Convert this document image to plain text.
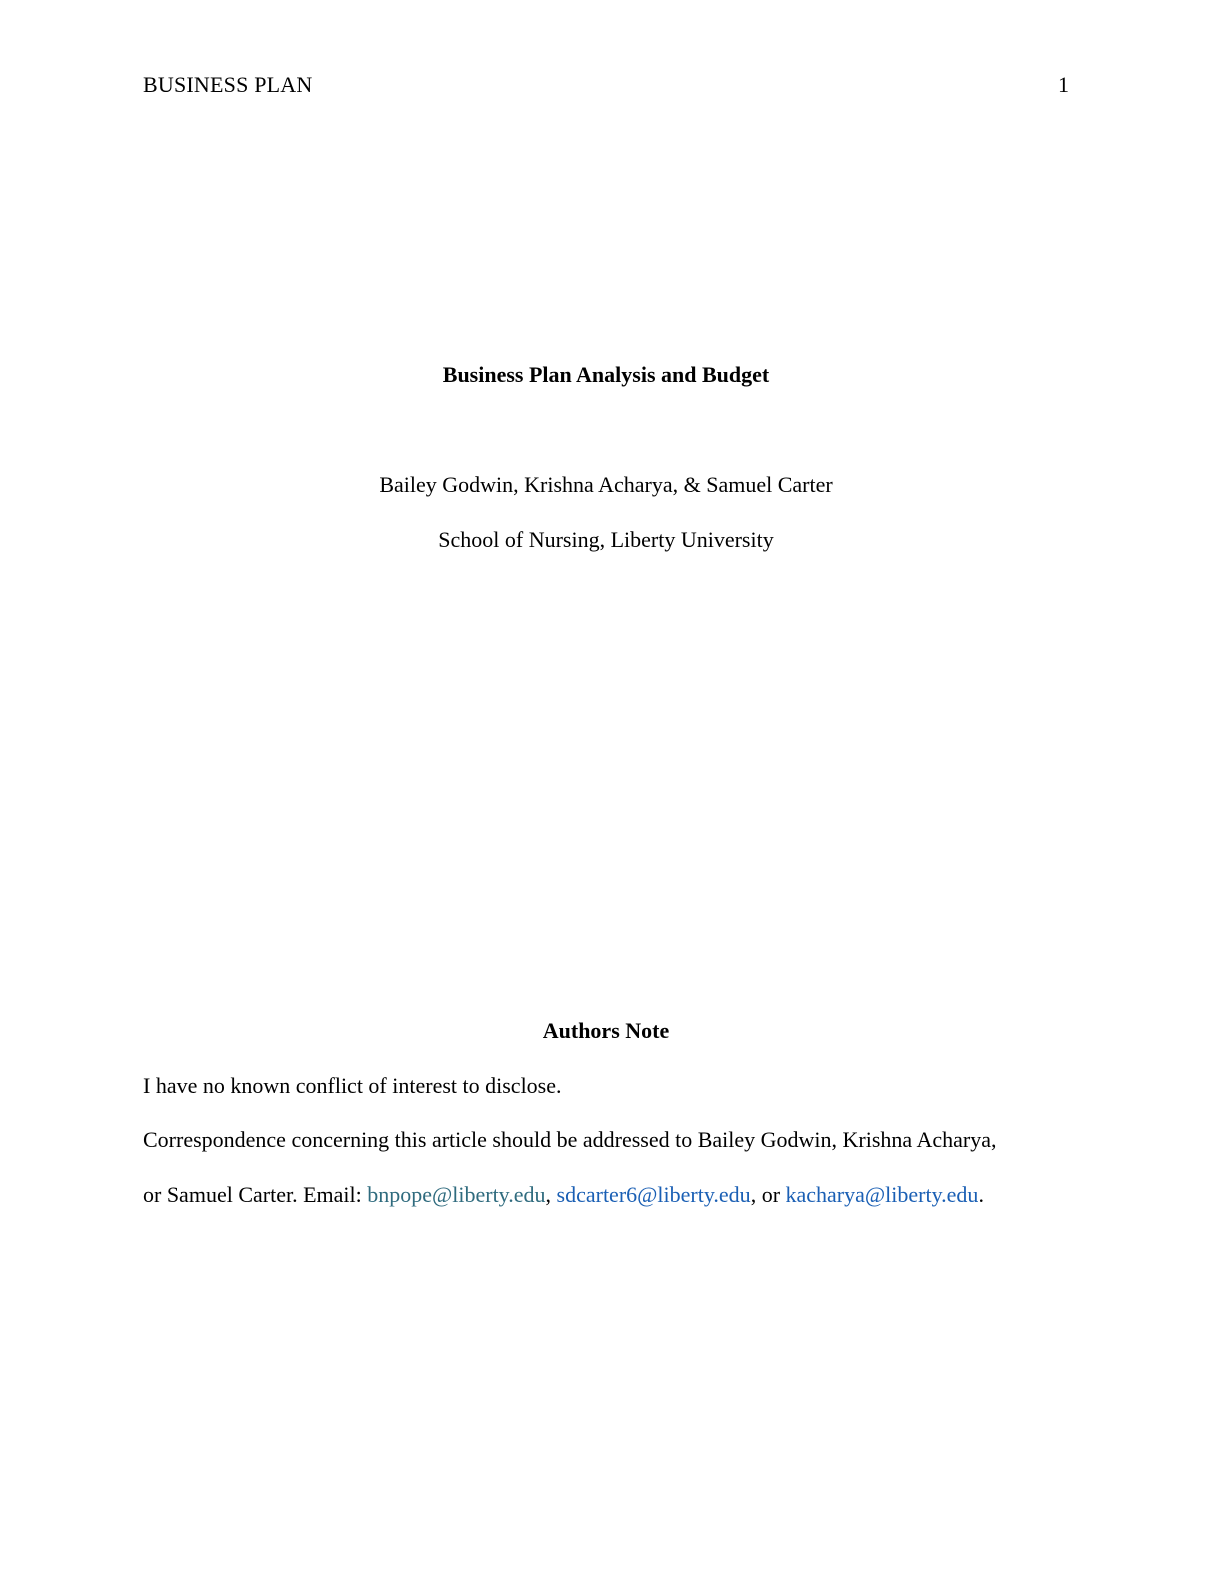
BUSINESS PLAN	1
Business Plan Analysis and Budget
Bailey Godwin, Krishna Acharya, & Samuel Carter
School of Nursing, Liberty University
Authors Note
I have no known conflict of interest to disclose.
Correspondence concerning this article should be addressed to Bailey Godwin, Krishna Acharya,
or Samuel Carter. Email: bnpope@liberty.edu, sdcarter6@liberty.edu, or kacharya@liberty.edu.
